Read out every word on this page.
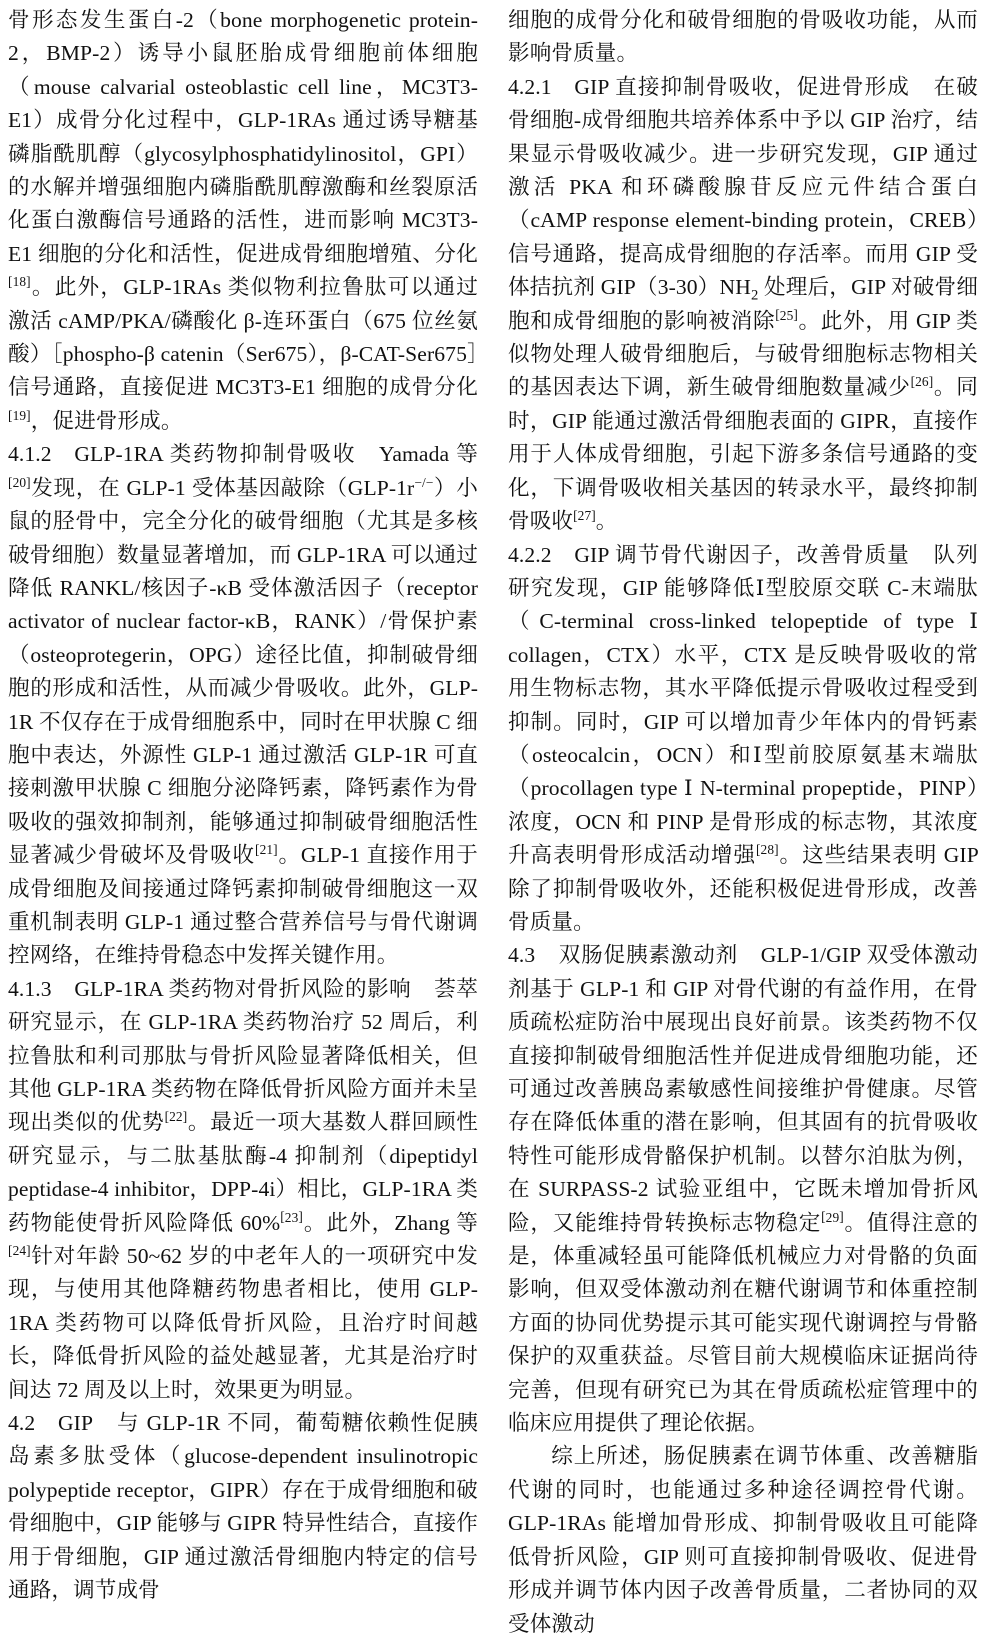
骨形态发生蛋白-2（bone morphogenetic protein-2，BMP-2）诱导小鼠胚胎成骨细胞前体细胞（mouse calvarial osteoblastic cell line，MC3T3-E1）成骨分化过程中，GLP-1RAs 通过诱导糖基磷脂酰肌醇（glycosylphosphatidylinositol，GPI）的水解并增强细胞内磷脂酰肌醇激酶和丝裂原活化蛋白激酶信号通路的活性，进而影响 MC3T3-E1 细胞的分化和活性，促进成骨细胞增殖、分化[ $^{18}$ ] 。此外，GLP-1RAs 类似物利拉鲁肽可以通过激活 cAMP/PKA/磷酸化 β-连环蛋白（675 位丝氨酸）［phospho-β catenin（Ser675），β-CAT-Ser675］信号通路，直接促进 MC3T3-E1 细胞的成骨分化[ $^{19}$ ] ，促进骨形成。

4.1.2 GLP-1RA 类药物抑制骨吸收 Yamada 等[ $^{20}$ ] 发现，在 GLP-1 受体基因敲除（GLP-1r−/−）小鼠的胫骨中，完全分化的破骨细胞（尤其是多核破骨细胞）数量显著增加，而 GLP-1RA 可以通过降低 RANKL/核因子-κB 受体激活因子（receptor activator of nuclear factor-κB，RANK）/骨保护素（osteoprotegerin，OPG）途径比值，抑制破骨细胞的形成和活性，从而减少骨吸收。此外，GLP-1R 不仅存在于成骨细胞系中，同时在甲状腺 C 细胞中表达，外源性 GLP-1 通过激活 GLP-1R 可直接刺激甲状腺 C 细胞分泌降钙素，降钙素作为骨吸收的强效抑制剂，能够通过抑制破骨细胞活性显著减少骨破坏及骨吸收 [ $^{21}$ ] 。GLP-1 直接作用于成骨细胞及间接通过降钙素抑制破骨细胞这一双重机制表明 GLP-1 通过整合营养信号与骨代谢调控网络，在维持骨稳态中发挥关键作用。

4.1.3 GLP-1RA 类药物对骨折风险的影响 荟萃研究显示，在 GLP-1RA 类药物治疗 52 周后，利拉鲁肽和利司那肽与骨折风险显著降低相关，但其他 GLP-1RA 类药物在降低骨折风险方面并未呈现出类似的优势 [ $^{22}$ ] 。最近一项大基数人群回顾性研究显示，与二肽基肽酶-4 抑制剂（dipeptidyl peptidase-4 inhibitor，DPP-4i）相比，GLP-1RA 类药物能使骨折风险降低 60% [ $^{23}$ ] 。此外，Zhang 等[ $^{24}$ ] 针对年龄 50~62 岁的中老年人的一项研究中发现，与使用其他降糖药物患者相比，使用 GLP-1RA 类药物可以降低骨折风险，且治疗时间越长，降低骨折风险的益处越显著，尤其是治疗时间达 72 周及以上时，效果更为明显。

4.2 GIP 与 GLP-1R 不同，葡萄糖依赖性促胰岛素多肽受体（glucose-dependent insulinotropic polypeptide receptor，GIPR）存在于成骨细胞和破骨细胞中，GIP 能够与 GIPR 特异性结合，直接作用于骨细胞，GIP 通过激活骨细胞内特定的信号通路，调节成骨

细胞的成骨分化和破骨细胞的骨吸收功能，从而影响骨质量。

4.2.1 GIP 直接抑制骨吸收，促进骨形成 在破骨细胞-成骨细胞共培养体系中予以 GIP 治疗，结果显示骨吸收减少。进一步研究发现，GIP 通过激活 PKA 和环磷酸腺苷反应元件结合蛋白（cAMP response element-binding protein，CREB）信号通路，提高成骨细胞的存活率。而用 GIP 受体拮抗剂 $GIP(3-30)NH_2$ 处理后，GIP 对破骨细胞和成骨细胞的影响被消除 [ $^{25}$ ] 。此外，用 GIP 类似物处理人破骨细胞后，与破骨细胞标志物相关的基因表达下调，新生破骨细胞数量减少 [ $^{26}$ ] 。同时，GIP 能通过激活骨细胞表面的 GIPR，直接作用于人体成骨细胞，引起下游多条信号通路的变化，下调骨吸收相关基因的转录水平，最终抑制骨吸收 [ $^{27}$ ] 。

4.2.2 GIP 调节骨代谢因子，改善骨质量 队列研究发现，GIP 能够降低Ⅰ型胶原交联 C-末端肽（C-terminal cross-linked telopeptide of type Ⅰ collagen，CTX）水平，CTX 是反映骨吸收的常用生物标志物，其水平降低提示骨吸收过程受到抑制。同时，GIP 可以增加青少年体内的骨钙素（osteocalcin，OCN）和Ⅰ型前胶原氨基末端肽（procollagen type Ⅰ N-terminal propeptide，PINP）浓度，OCN 和 PINP 是骨形成的标志物，其浓度升高表明骨形成活动增强 [ $^{28}$ ] 。这些结果表明 GIP 除了抑制骨吸收外，还能积极促进骨形成，改善骨质量。

4.3 双肠促胰素激动剂 GLP-1/GIP 双受体激动剂基于 GLP-1 和 GIP 对骨代谢的有益作用，在骨质疏松症防治中展现出良好前景。该类药物不仅直接抑制破骨细胞活性并促进成骨细胞功能，还可通过改善胰岛素敏感性间接维护骨健康。尽管存在降低体重的潜在影响，但其固有的抗骨吸收特性可能形成骨骼保护机制。以替尔泊肽为例，在 SURPASS-2 试验亚组中，它既未增加骨折风险，又能维持骨转换标志物稳定 [ $^{29}$ ] 。值得注意的是，体重减轻虽可能降低机械应力对骨骼的负面影响，但双受体激动剂在糖代谢调节和体重控制方面的协同优势提示其可能实现代谢调控与骨骼保护的双重获益。尽管目前大规模临床证据尚待完善，但现有研究已为其在骨质疏松症管理中的临床应用提供了理论依据。

综上所述，肠促胰素在调节体重、改善糖脂代谢的同时，也能通过多种途径调控骨代谢。GLP-1RAs 能增加骨形成、抑制骨吸收且可能降低骨折风险，GIP 则可直接抑制骨吸收、促进骨形成并调节体内因子改善骨质量，二者协同的双受体激动
